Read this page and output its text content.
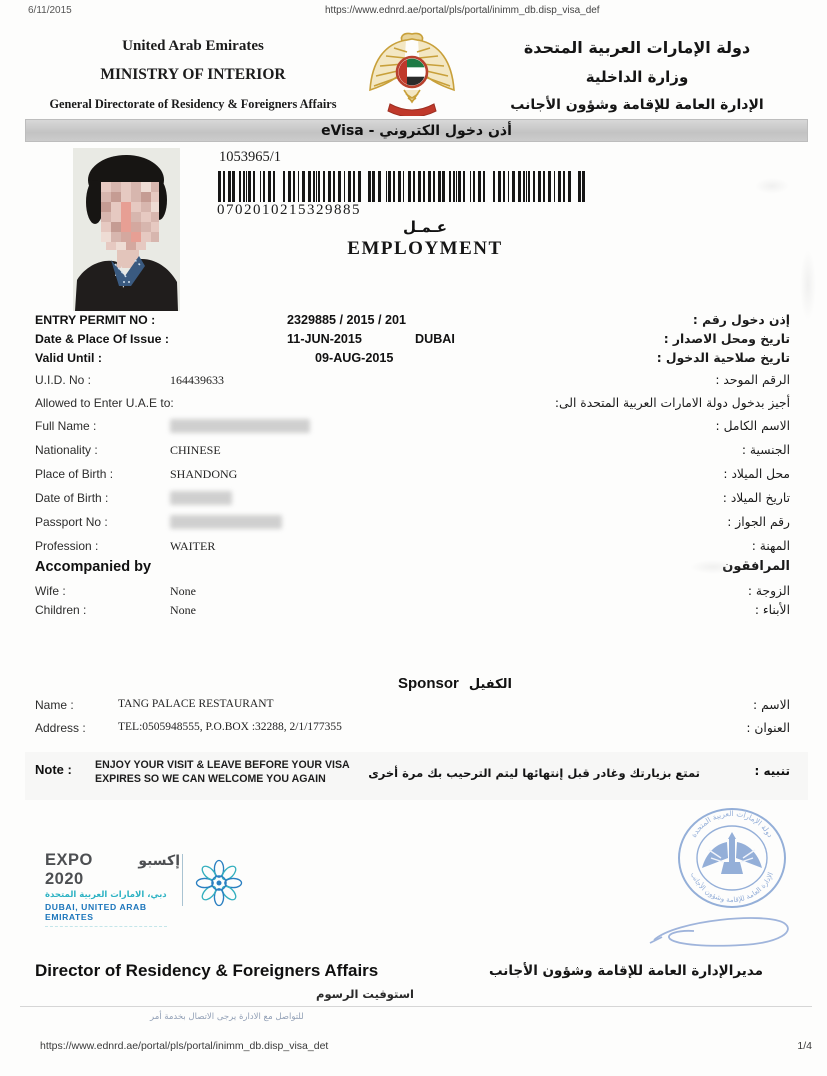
6/11/2015	https://www.ednrd.ae/portal/pls/portal/inimm_db.disp_visa_def
United Arab Emirates
MINISTRY OF INTERIOR
General Directorate of Residency & Foreigners Affairs
دولة الإمارات العربية المتحدة
وزارة الداخلية
الإدارة العامة للإقامة وشؤون الأجانب
أذن دخول الكتروني - eVisa
1053965/1
0702010215329885
عـمـل
EMPLOYMENT
ENTRY PERMIT NO :	2329885 / 2015 / 201	إذن دخول رقم :
Date & Place Of Issue :	11-JUN-2015	DUBAI	تاريخ ومحل الاصدار :
Valid Until :	09-AUG-2015	تاريخ صلاحية الدخول :
U.I.D. No :	164439633	الرقم الموحد :
Allowed to Enter U.A.E to:	أجيز بدخول دولة الامارات العربية المتحدة الى:
Full Name :	الاسم الكامل :
Nationality :	CHINESE	الجنسية :
Place of Birth :	SHANDONG	محل الميلاد :
Date of Birth :	تاريخ الميلاد :
Passport No :	رقم الجواز :
Profession :	WAITER	المهنة :
Accompanied by	المرافقون
Wife :	None	الزوجة :
Children :	None	الأبناء :
Sponsor الكفيل
Name :	TANG PALACE RESTAURANT	الاسم :
Address :	TEL:0505948555, P.O.BOX :32288, 2/1/177355	العنوان :
Note : ENJOY YOUR VISIT & LEAVE BEFORE YOUR VISA EXPIRES SO WE CAN WELCOME YOU AGAIN	تمتع بزيارتك وغادر قبل إنتهائها ليتم الترحيب بك مرة أخرى	تنبيه :
EXPO 2020
إكسبو
دبي، الامارات العربية المتحدة
DUBAI, UNITED ARAB EMIRATES
دولة الإمارات العربية المتحدة
الإدارة العامة للإقامة وشؤون الأجانب
Director of Residency & Foreigners Affairs	مديرالإدارة العامة للإقامة وشؤون الأجانب
استوفيت الرسوم
للتواصل مع الادارة يرجى الاتصال بخدمة أمر
https://www.ednrd.ae/portal/pls/portal/inimm_db.disp_visa_det	1/4
